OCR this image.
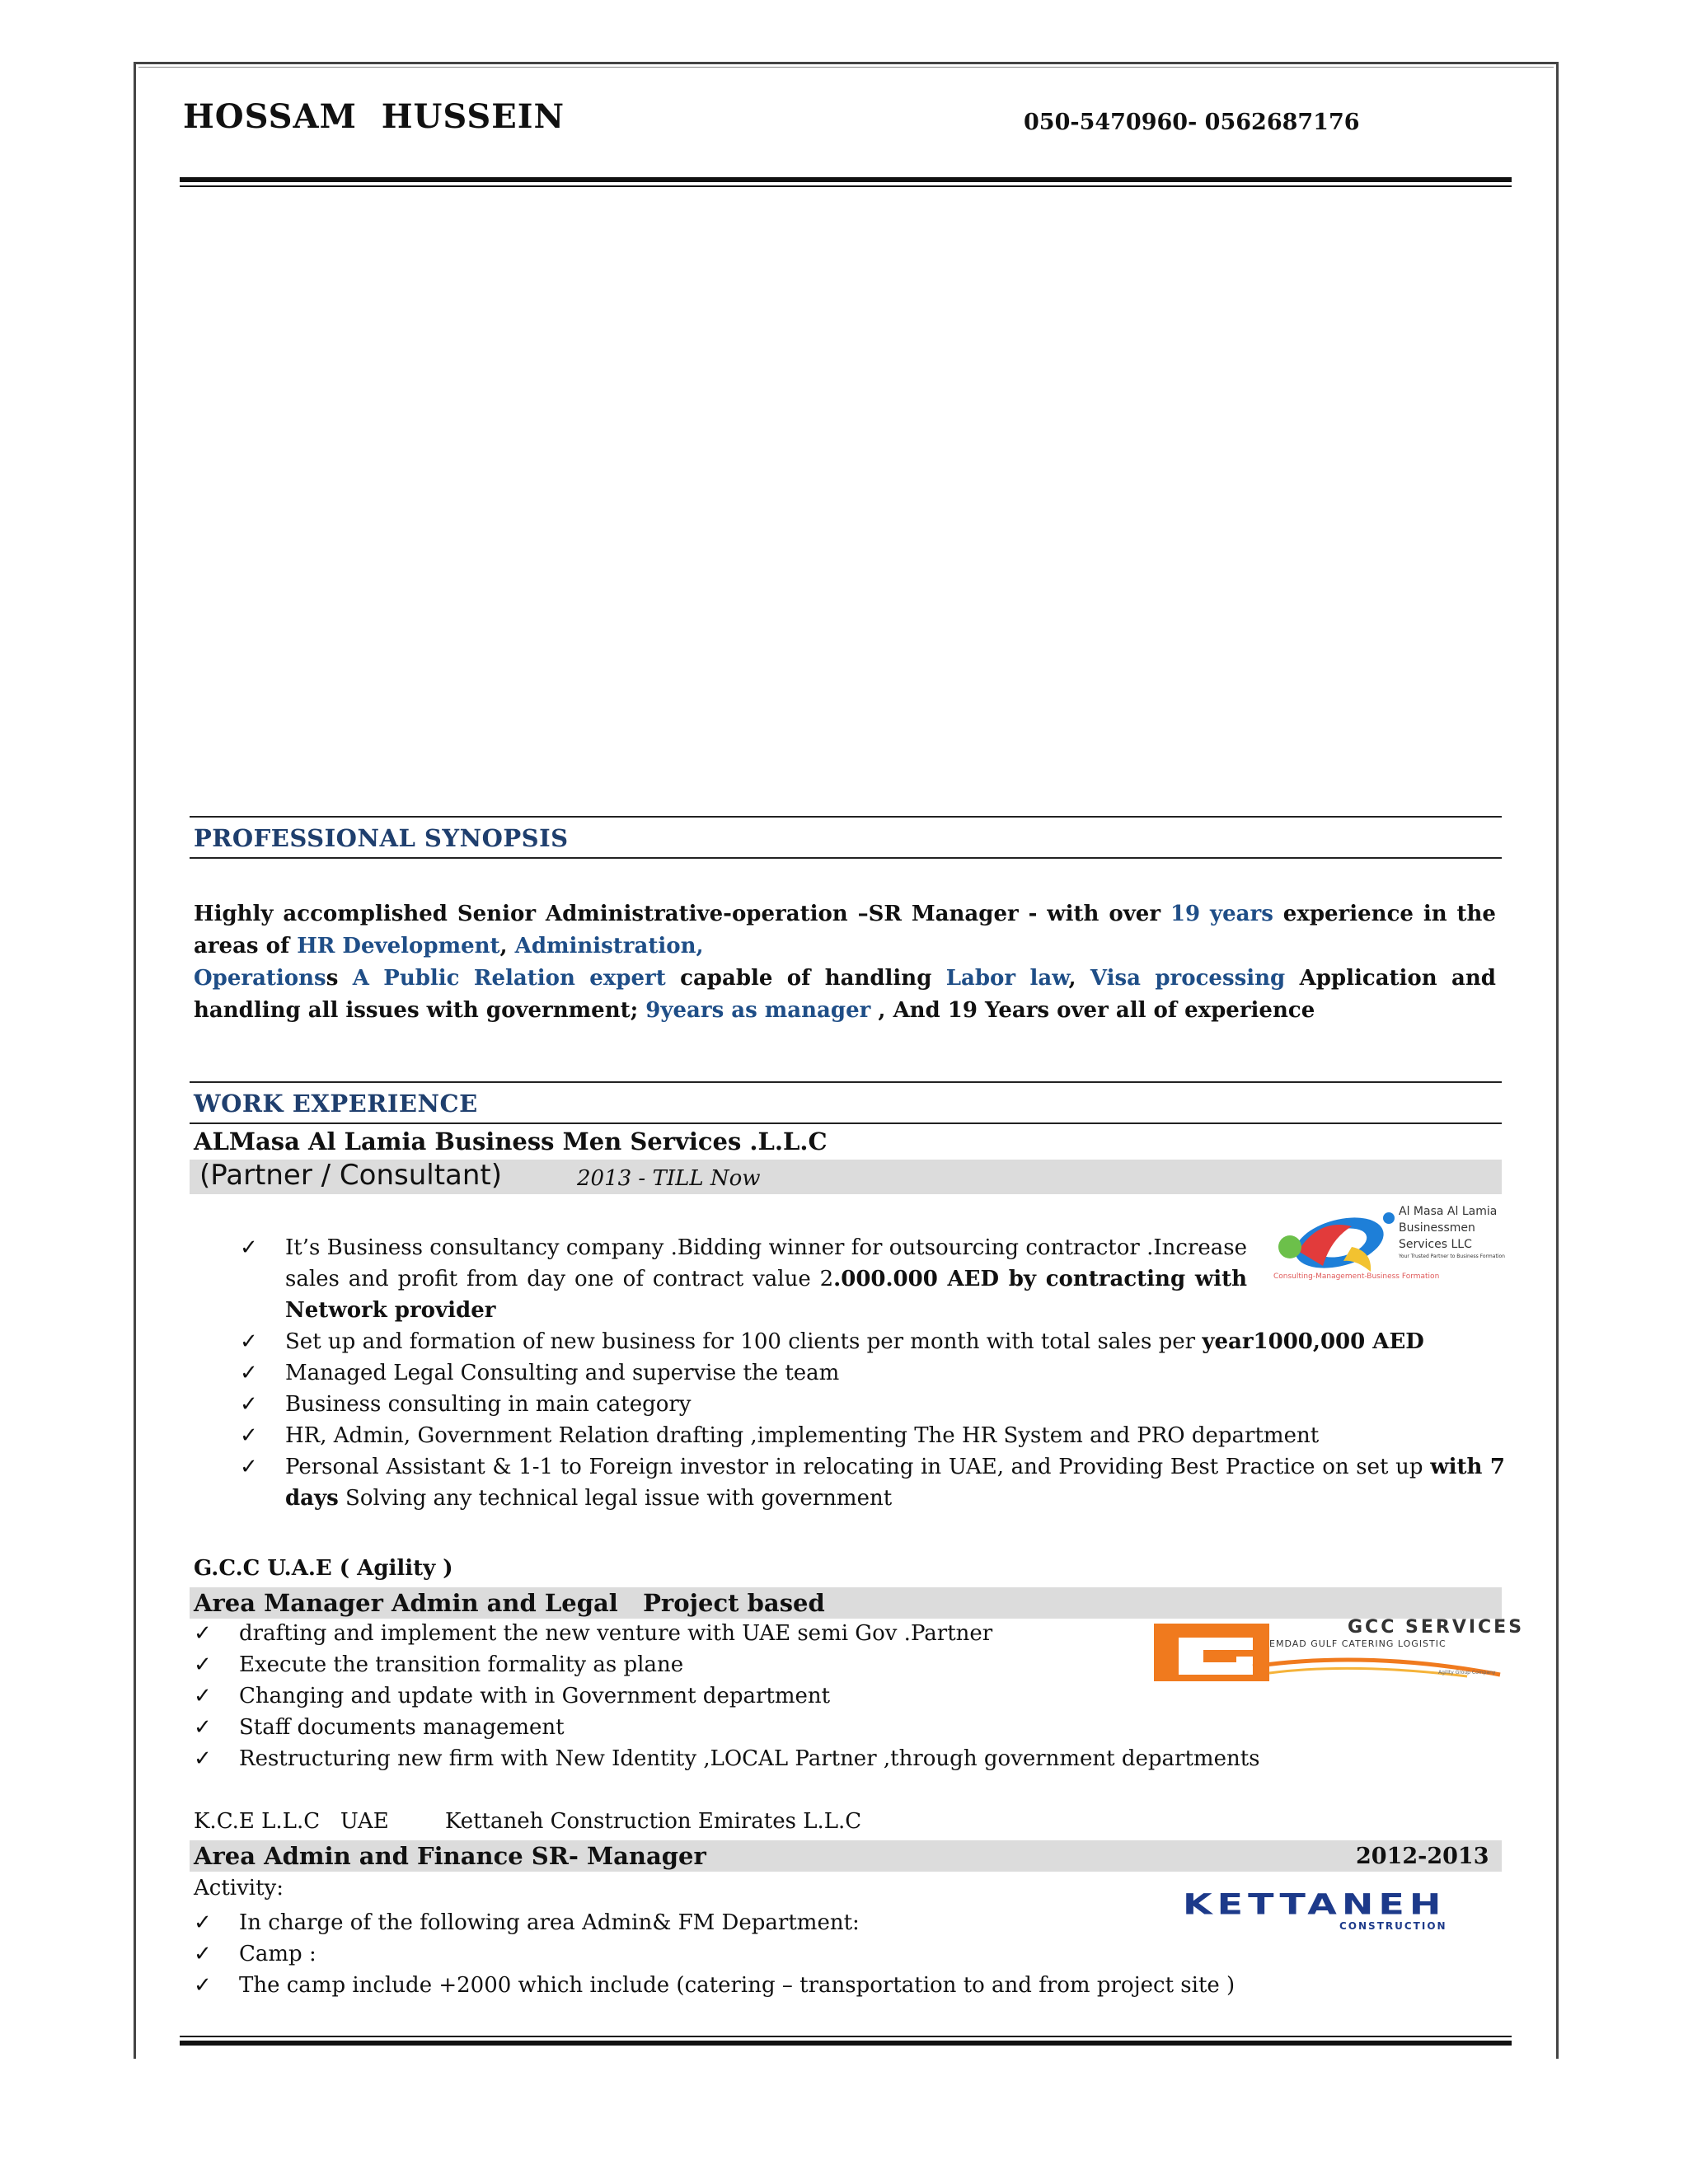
HOSSAM  HUSSEIN	050-5470960- 0562687176
PROFESSIONAL SYNOPSIS
Highly accomplished Senior Administrative-operation –SR Manager - with over 19 years experience in the areas of HR Development, Administration,
Operationss A Public Relation expert capable of handling Labor law, Visa processing Application and handling all issues with government; 9years as manager , And 19 Years over all of experience
WORK EXPERIENCE
ALMasa Al Lamia Business Men Services .L.L.C
(Partner / Consultant)	2013 - TILL Now
✓ It’s Business consultancy company .Bidding winner for outsourcing contractor .Increase sales and profit from day one of contract value 2.000.000 AED by contracting with Network provider
✓ Set up and formation of new business for 100 clients per month with total sales per year1000,000 AED
✓ Managed Legal Consulting and supervise the team
✓ Business consulting in main category
✓ HR, Admin, Government Relation drafting ,implementing The HR System and PRO department
✓ Personal Assistant & 1-1 to Foreign investor in relocating in UAE, and Providing Best Practice on set up with 7 days Solving any technical legal issue with government
Al Masa Al Lamia
Businessmen
Services LLC
Your Trusted Partner to Business Formation
Consulting-Management-Business Formation
G.C.C U.A.E ( Agility )
Area Manager Admin and Legal   Project based
✓ drafting and implement the new venture with UAE semi Gov .Partner
✓ Execute the transition formality as plane
✓ Changing and update with in Government department
✓ Staff documents management
✓ Restructuring new firm with New Identity ,LOCAL Partner ,through government departments
GCC SERVICES
EMDAD GULF CATERING LOGISTIC
Agility Group Company
K.C.E L.L.C   UAE	Kettaneh Construction Emirates L.L.C
Area Admin and Finance SR- Manager	2012-2013
Activity:
✓ In charge of the following area Admin& FM Department:
✓ Camp :
✓ The camp include +2000 which include (catering – transportation to and from project site )
KETTANEH
CONSTRUCTION
